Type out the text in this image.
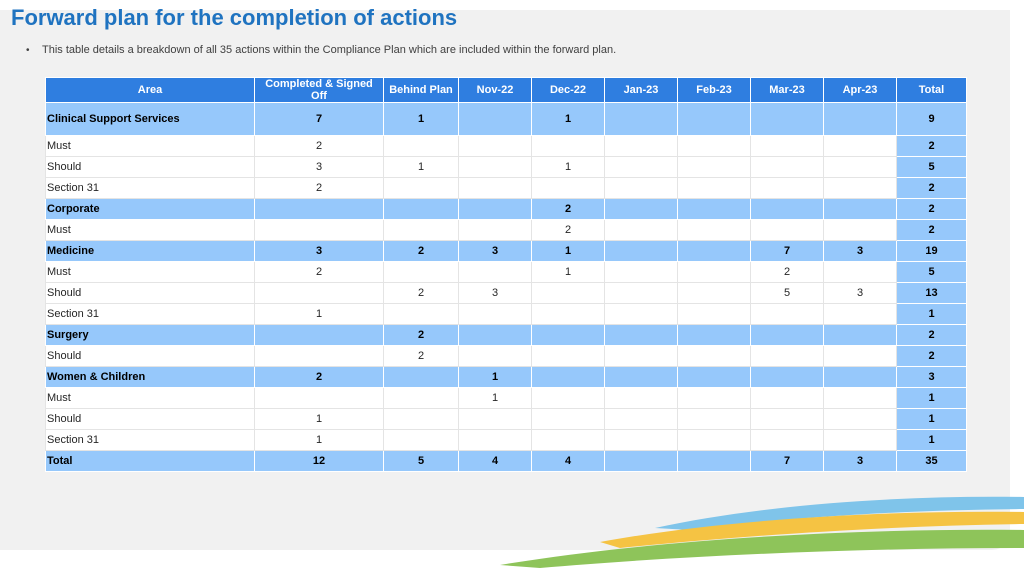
Forward plan for the completion of actions
• This table details a breakdown of all 35 actions within the Compliance Plan which are included within the forward plan.
Area	Completed & Signed Off	Behind Plan	Nov-22	Dec-22	Jan-23	Feb-23	Mar-23	Apr-23	Total
Clinical Support Services	7	1		1					9
Must	2								2
Should	3	1		1					5
Section 31	2								2
Corporate				2					2
Must				2					2
Medicine	3	2	3	1			7	3	19
Must	2			1			2		5
Should		2	3				5	3	13
Section 31	1								1
Surgery		2							2
Should		2							2
Women & Children	2		1						3
Must			1						1
Should	1								1
Section 31	1								1
Total	12	5	4	4			7	3	35
